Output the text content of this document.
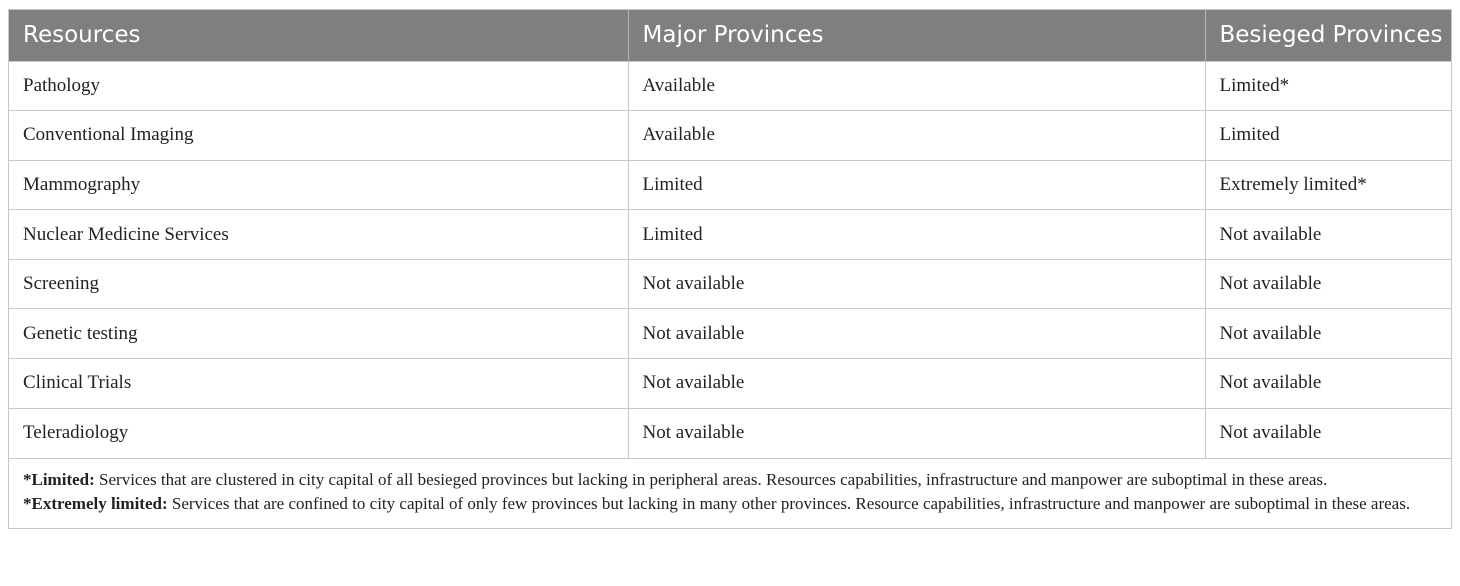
Resources	Major Provinces	Besieged Provinces
Pathology	Available	Limited*
Conventional Imaging	Available	Limited
Mammography	Limited	Extremely limited*
Nuclear Medicine Services	Limited	Not available
Screening	Not available	Not available
Genetic testing	Not available	Not available
Clinical Trials	Not available	Not available
Teleradiology	Not available	Not available

*Limited: Services that are clustered in city capital of all besieged provinces but lacking in peripheral areas. Resources capabilities, infrastructure and manpower are suboptimal in these areas.

*Extremely limited: Services that are confined to city capital of only few provinces but lacking in many other provinces. Resource capabilities, infrastructure and manpower are suboptimal in these areas.
